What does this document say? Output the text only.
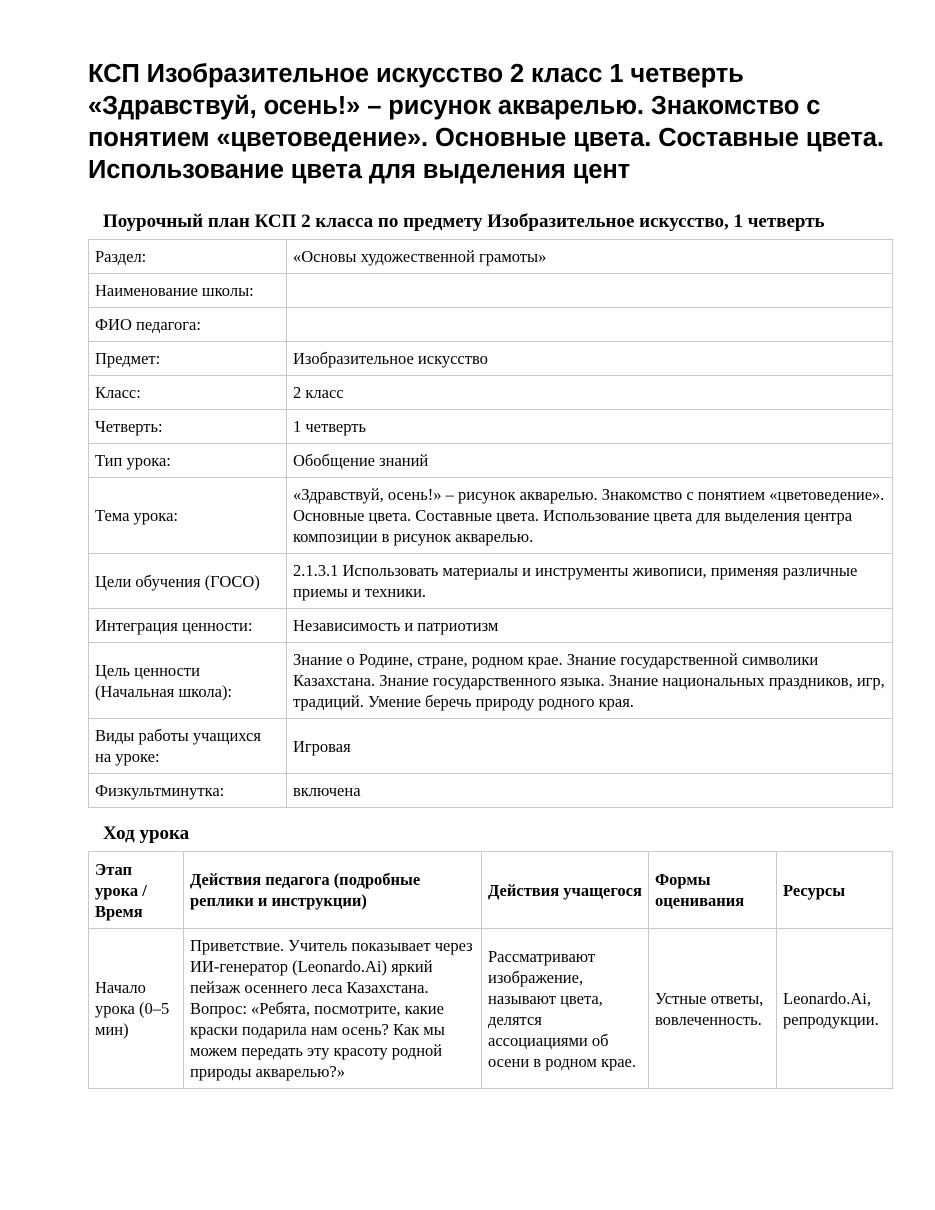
КСП Изобразительное искусство 2 класс 1 четверть «Здравствуй, осень!» – рисунок акварелью. Знакомство с понятием «цветоведение». Основные цвета. Составные цвета. Использование цвета для выделения цент
Поурочный план КСП 2 класса по предмету Изобразительное искусство, 1 четверть
Раздел:	«Основы художественной грамоты»
Наименование школы:	
ФИО педагога:	
Предмет:	Изобразительное искусство
Класс:	2 класс
Четверть:	1 четверть
Тип урока:	Обобщение знаний
Тема урока:	«Здравствуй, осень!» – рисунок акварелью. Знакомство с понятием «цветоведение». Основные цвета. Составные цвета. Использование цвета для выделения центра композиции в рисунок акварелью.
Цели обучения (ГОСО)	2.1.3.1 Использовать материалы и инструменты живописи, применяя различные приемы и техники.
Интеграция ценности:	Независимость и патриотизм
Цель ценности (Начальная школа):	Знание о Родине, стране, родном крае. Знание государственной символики Казахстана. Знание государственного языка. Знание национальных праздников, игр, традиций. Умение беречь природу родного края.
Виды работы учащихся на уроке:	Игровая
Физкультминутка:	включена
Ход урока
Этап урока / Время	Действия педагога (подробные реплики и инструкции)	Действия учащегося	Формы оценивания	Ресурсы
Начало урока (0–5 мин)	Приветствие. Учитель показывает через ИИ-генератор (Leonardo.Ai) яркий пейзаж осеннего леса Казахстана. Вопрос: «Ребята, посмотрите, какие краски подарила нам осень? Как мы можем передать эту красоту родной природы акварелью?»	Рассматривают изображение, называют цвета, делятся ассоциациями об осени в родном крае.	Устные ответы, вовлеченность.	Leonardo.Ai, репродукции.
